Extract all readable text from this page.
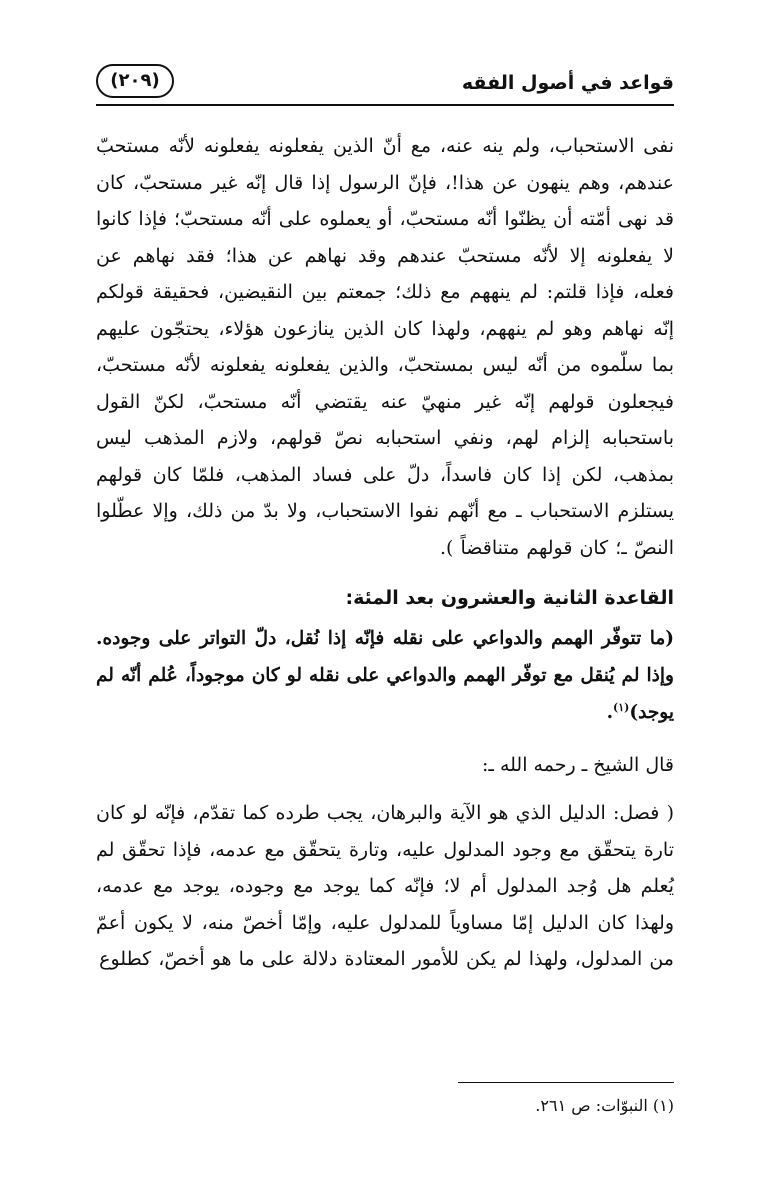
قواعد في أصول الفقه
(٢٠٩)

نفى الاستحباب، ولم ينه عنه، مع أنّ الذين يفعلونه يفعلونه لأنّه مستحبّ عندهم، وهم ينهون عن هذا!، فإنّ الرسول إذا قال إنّه غير مستحبّ، كان قد نهى أمّته أن يظنّوا أنّه مستحبّ، أو يعملوه على أنّه مستحبّ؛ فإذا كانوا لا يفعلونه إلا لأنّه مستحبّ عندهم وقد نهاهم عن هذا؛ فقد نهاهم عن فعله، فإذا قلتم: لم ينههم مع ذلك؛ جمعتم بين النقيضين، فحقيقة قولكم إنّه نهاهم وهو لم ينههم، ولهذا كان الذين ينازعون هؤلاء، يحتجّون عليهم بما سلّموه من أنّه ليس بمستحبّ، والذين يفعلونه يفعلونه لأنّه مستحبّ، فيجعلون قولهم إنّه غير منهيّ عنه يقتضي أنّه مستحبّ، لكنّ القول باستحبابه إلزام لهم، ونفي استحبابه نصّ قولهم، ولازم المذهب ليس بمذهب، لكن إذا كان فاسداً، دلّ على فساد المذهب، فلمّا كان قولهم يستلزم الاستحباب ـ مع أنّهم نفوا الاستحباب، ولا بدّ من ذلك، وإلا عطّلوا النصّ ـ؛ كان قولهم متناقضاً ).

القاعدة الثانية والعشرون بعد المئة:

(ما تتوفّر الهمم والدواعي على نقله فإنّه إذا نُقل، دلّ التواتر على وجوده. وإذا لم يُنقل مع توفّر الهمم والدواعي على نقله لو كان موجوداً، عُلم أنّه لم يوجد)$^{(١)}$.

قال الشيخ ـ رحمه الله ـ:

( فصل: الدليل الذي هو الآية والبرهان، يجب طرده كما تقدّم، فإنّه لو كان تارة يتحقّق مع وجود المدلول عليه، وتارة يتحقّق مع عدمه، فإذا تحقّق لم يُعلم هل وُجد المدلول أم لا؛ فإنّه كما يوجد مع وجوده، يوجد مع عدمه، ولهذا كان الدليل إمّا مساوياً للمدلول عليه، وإمّا أخصّ منه، لا يكون أعمّ من المدلول، ولهذا لم يكن للأمور المعتادة دلالة على ما هو أخصّ، كطلوع

(١) النبوّات: ص ٢٦١.
